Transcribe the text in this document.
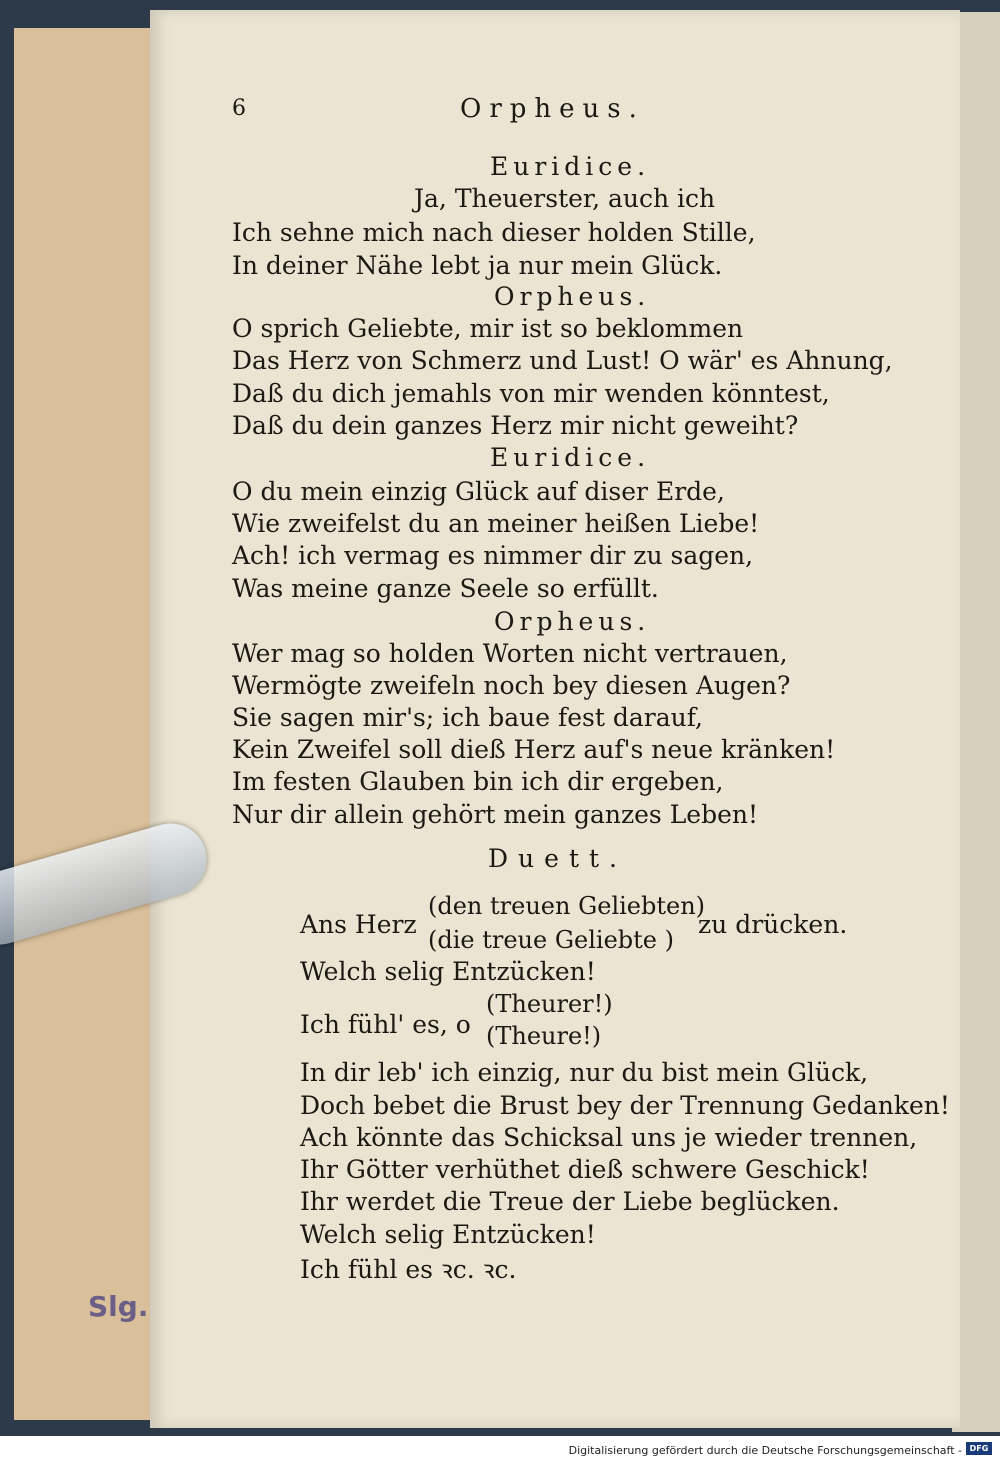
Slg.
6	Orpheus.
Euridice.
Ja, Theuerster, auch ich
Ich sehne mich nach dieser holden Stille,
In deiner Nähe lebt ja nur mein Glück.
Orpheus.
O sprich Geliebte, mir ist so beklommen
Das Herz von Schmerz und Lust! O wär' es Ahnung,
Daß du dich jemahls von mir wenden könntest,
Daß du dein ganzes Herz mir nicht geweiht?
Euridice.
O du mein einzig Glück auf diser Erde,
Wie zweifelst du an meiner heißen Liebe!
Ach! ich vermag es nimmer dir zu sagen,
Was meine ganze Seele so erfüllt.
Orpheus.
Wer mag so holden Worten nicht vertrauen,
Wermögte zweifeln noch bey diesen Augen?
Sie sagen mir's; ich baue fest darauf,
Kein Zweifel soll dieß Herz auf's neue kränken!
Im festen Glauben bin ich dir ergeben,
Nur dir allein gehört mein ganzes Leben!
Duett.
Ans Herz
(den treuen Geliebten)
(die treue Geliebte )
zu drücken.
Welch selig Entzücken!
Ich fühl' es, o
(Theurer!)
(Theure!)
In dir leb' ich einzig, nur du bist mein Glück,
Doch bebet die Brust bey der Trennung Gedanken!
Ach könnte das Schicksal uns je wieder trennen,
Ihr Götter verhüthet dieß schwere Geschick!
Ihr werdet die Treue der Liebe beglücken.
Welch selig Entzücken!
Ich fühl es ꝛc. ꝛc.
Digitalisierung gefördert durch die Deutsche Forschungsgemeinschaft - DFG
